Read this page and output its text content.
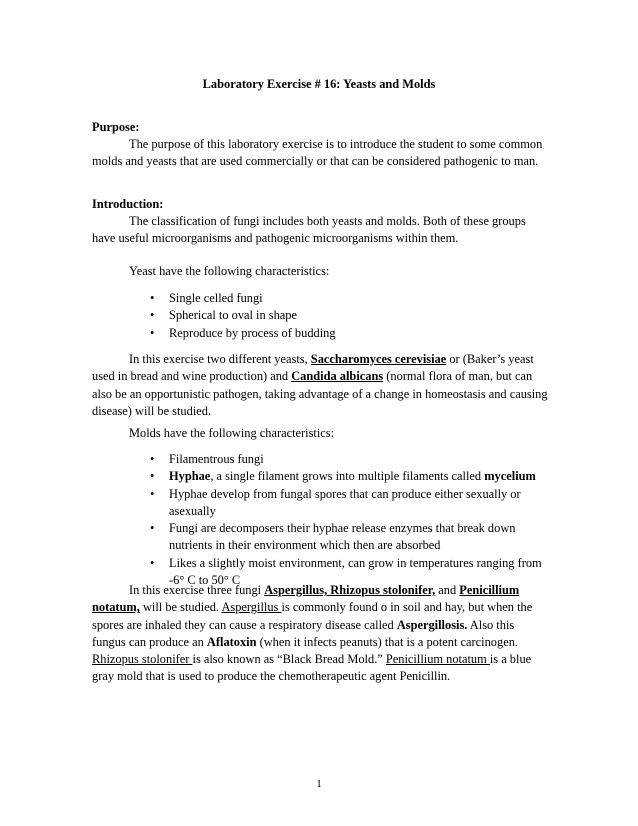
Laboratory Exercise # 16: Yeasts and Molds
Purpose:

The purpose of this laboratory exercise is to introduce the student to some common molds and yeasts that are used commercially or that can be considered pathogenic to man.

Introduction:

The classification of fungi includes both yeasts and molds. Both of these groups have useful microorganisms and pathogenic microorganisms within them.

Yeast have the following characteristics:
• Single celled fungi
• Spherical to oval in shape
• Reproduce by process of budding

In this exercise two different yeasts, Saccharomyces cerevisiae or (Baker’s yeast used in bread and wine production) and Candida albicans (normal flora of man, but can also be an opportunistic pathogen, taking advantage of a change in homeostasis and causing disease) will be studied.

Molds have the following characteristics:
• Filamentrous fungi
• Hyphae, a single filament grows into multiple filaments called mycelium
• Hyphae develop from fungal spores that can produce either sexually or asexually
• Fungi are decomposers their hyphae release enzymes that break down nutrients in their environment which then are absorbed
• Likes a slightly moist environment, can grow in temperatures ranging from -6° C to 50° C

In this exercise three fungi Aspergillus, Rhizopus stolonifer, and Penicillium notatum, will be studied. Aspergillus is commonly found o in soil and hay, but when the spores are inhaled they can cause a respiratory disease called Aspergillosis. Also this fungus can produce an Aflatoxin (when it infects peanuts) that is a potent carcinogen. Rhizopus stolonifer is also known as “Black Bread Mold.” Penicillium notatum is a blue gray mold that is used to produce the chemotherapeutic agent Penicillin.

1
